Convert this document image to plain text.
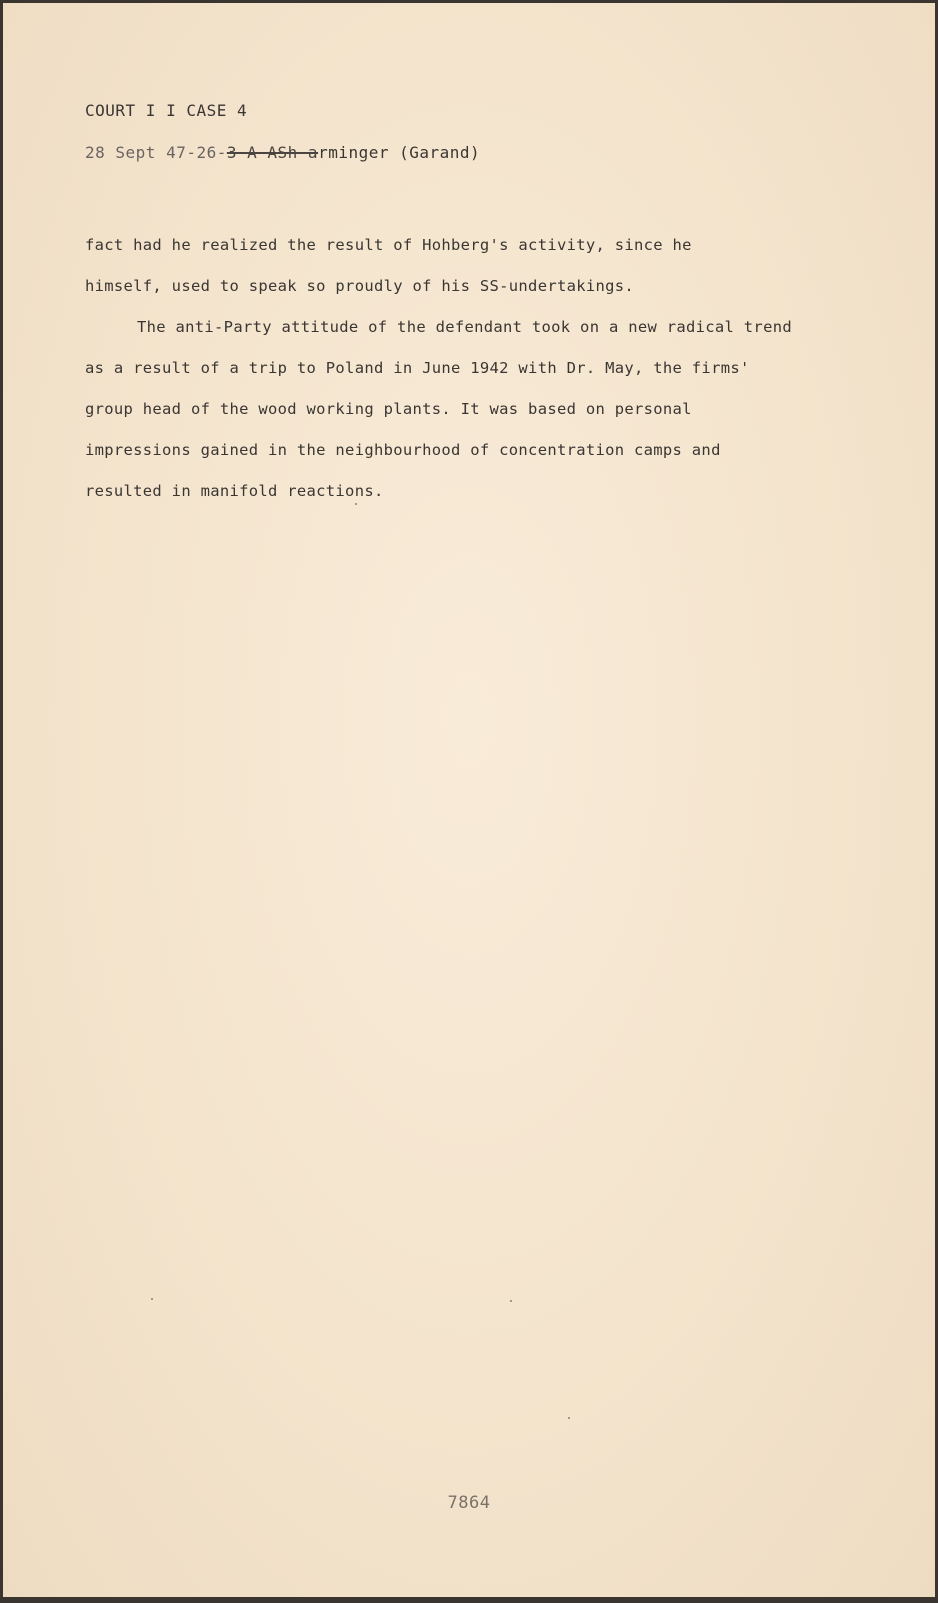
COURT I I CASE 4
28 Sept 47-26-3-A-ASh-arminger (Garand)
fact had he realized the result of Hohberg's activity, since he
himself, used to speak so proudly of his SS-undertakings.
The anti-Party attitude of the defendant took on a new radical trend
as a result of a trip to Poland in June 1942 with Dr. May, the firms'
group head of the wood working plants. It was based on personal
impressions gained in the neighbourhood of concentration camps and
resulted in manifold reactions.
7864
